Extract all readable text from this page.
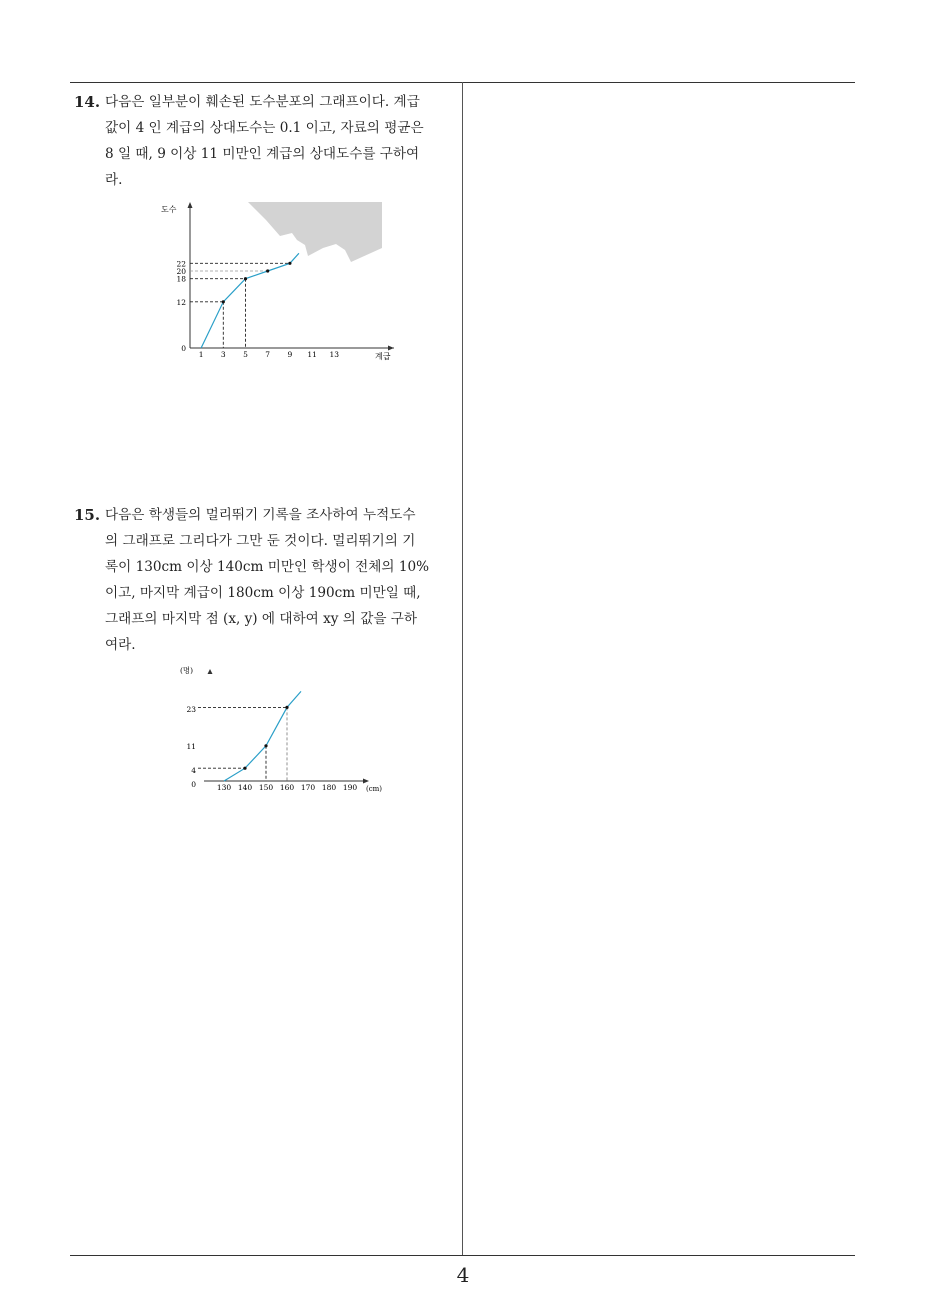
14. 다음은 일부분이 훼손된 도수분포의 그래프이다. 계급
값이 4 인 계급의 상대도수는 0.1 이고, 자료의 평균은
8 일 때, 9 이상 11 미만인 계급의 상대도수를 구하여
라.
도수
계급
1 3 5 7 9 11 13
0
12
18
20
22
15. 다음은 학생들의 멀리뛰기 기록을 조사하여 누적도수
의 그래프로 그리다가 그만 둔 것이다. 멀리뛰기의 기
록이 130cm 이상 140cm 미만인 학생이 전체의 10%
이고, 마지막 계급이 180cm 이상 190cm 미만일 때,
그래프의 마지막 점 (x, y) 에 대하여 xy 의 값을 구하
여라.
(명)
(cm)
130 140 150 160 170 180 190
0
4
11
23
4
